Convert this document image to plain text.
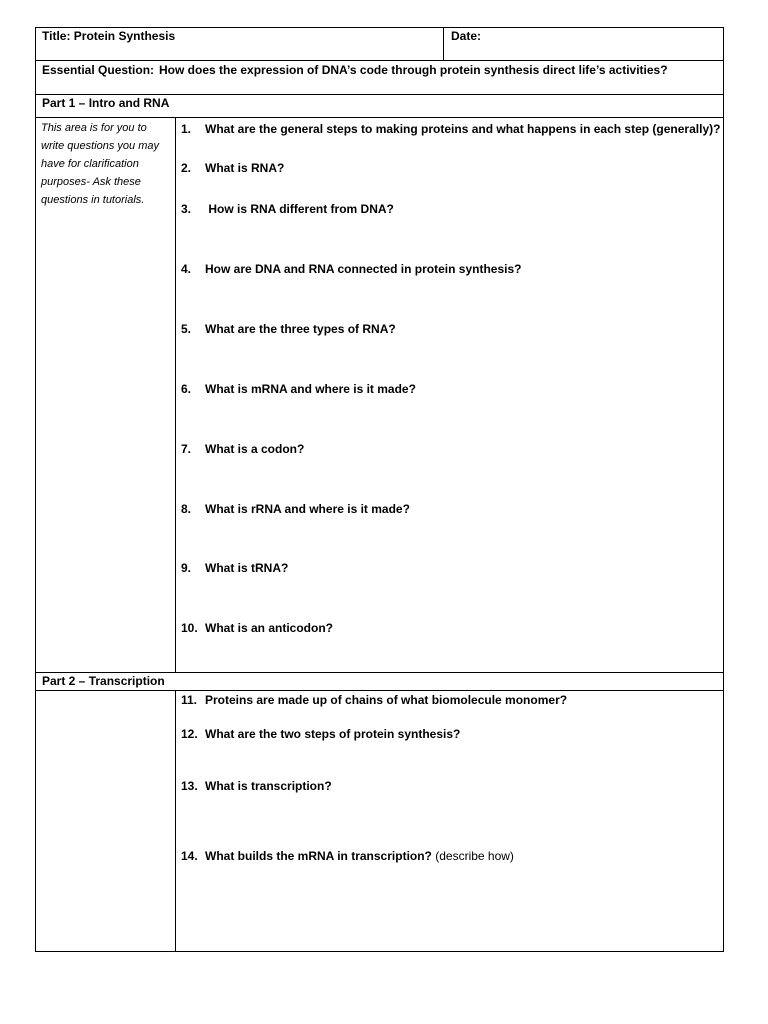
Title: Protein Synthesis	Date:
Essential Question: How does the expression of DNA’s code through protein synthesis direct life’s activities?
Part 1 – Intro and RNA
This area is for you to write questions you may have for clarification purposes- Ask these questions in tutorials.
1. What are the general steps to making proteins and what happens in each step (generally)?
2. What is RNA?
3. How is RNA different from DNA?
4. How are DNA and RNA connected in protein synthesis?
5. What are the three types of RNA?
6. What is mRNA and where is it made?
7. What is a codon?
8. What is rRNA and where is it made?
9. What is tRNA?
10. What is an anticodon?
Part 2 – Transcription
11. Proteins are made up of chains of what biomolecule monomer?
12. What are the two steps of protein synthesis?
13. What is transcription?
14. What builds the mRNA in transcription? (describe how)
